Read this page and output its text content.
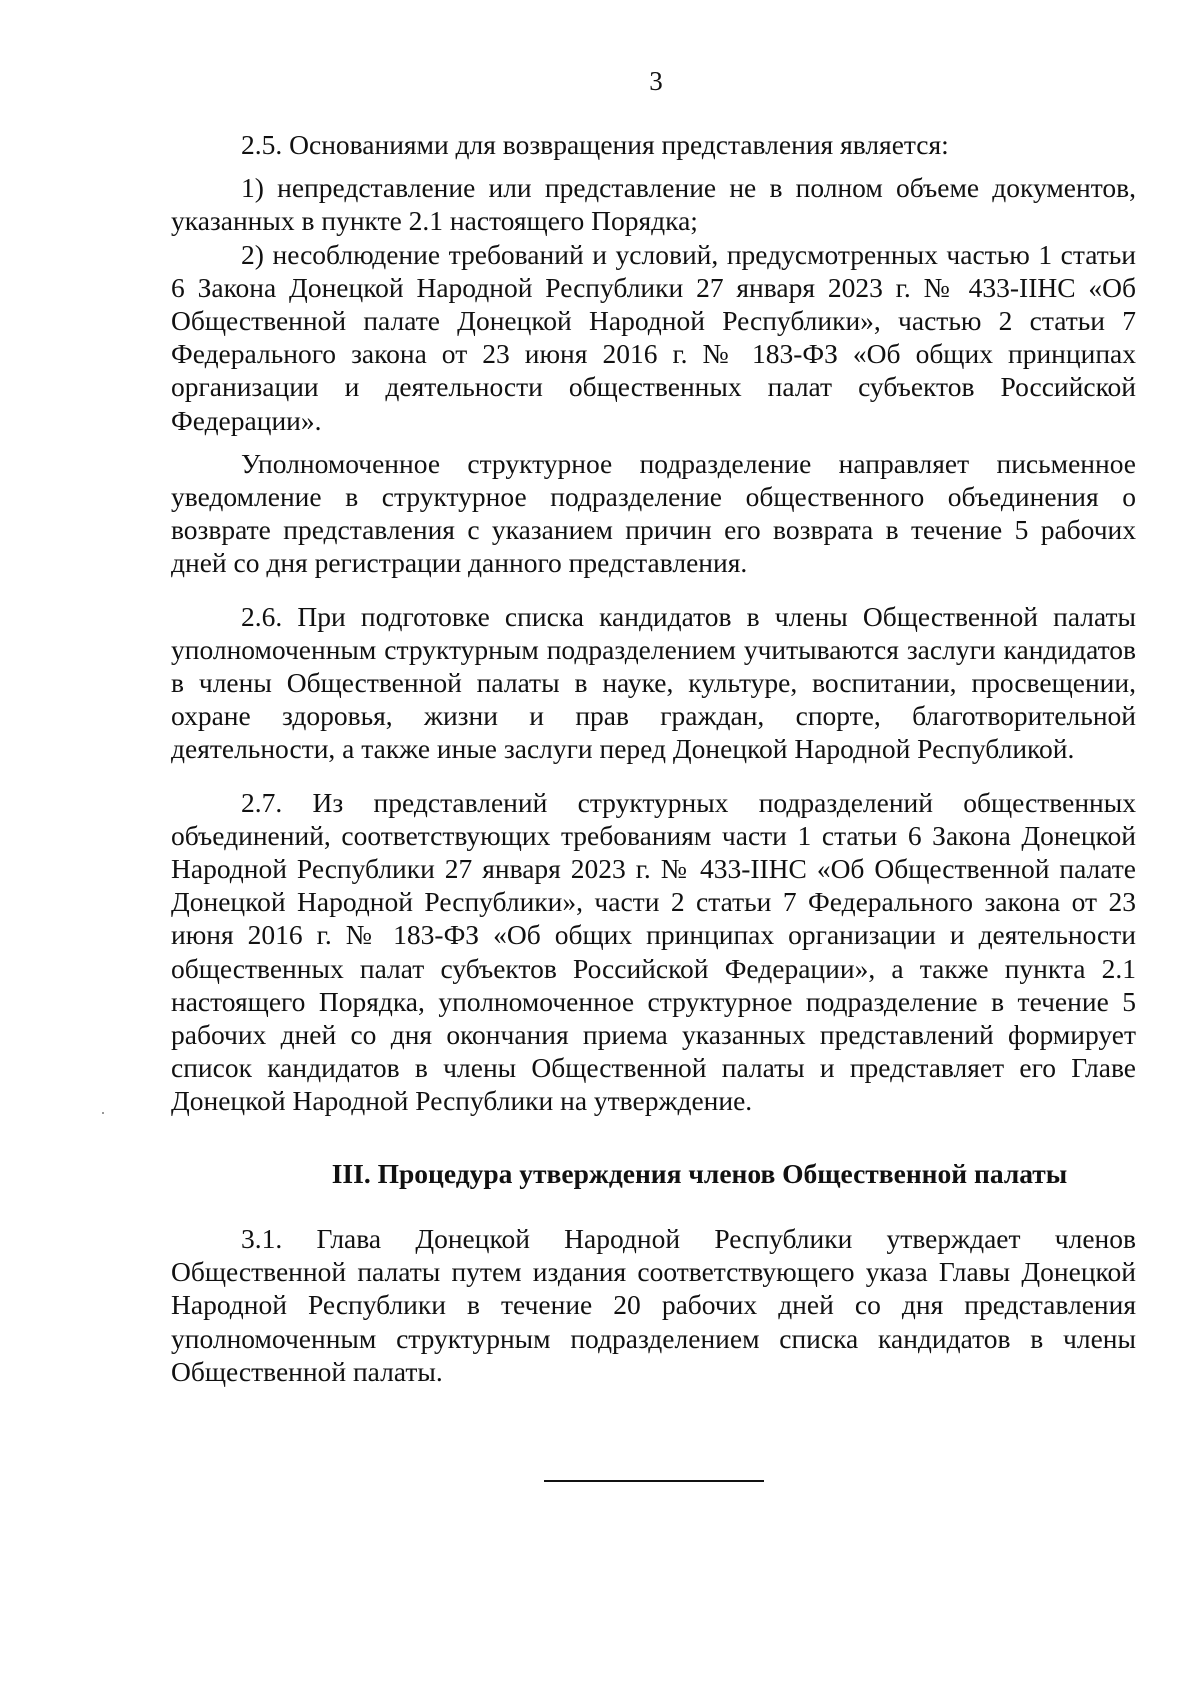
3

2.5. Основаниями для возвращения представления является:

1) непредставление или представление не в полном объеме документов, указанных в пункте 2.1 настоящего Порядка;

2) несоблюдение требований и условий, предусмотренных частью 1 статьи 6 Закона Донецкой Народной Республики 27 января 2023 г. № 433-IIНС «Об Общественной палате Донецкой Народной Республики», частью 2 статьи 7 Федерального закона от 23 июня 2016 г. № 183-ФЗ «Об общих принципах организации и деятельности общественных палат субъектов Российской Федерации».

Уполномоченное структурное подразделение направляет письменное уведомление в структурное подразделение общественного объединения о возврате представления с указанием причин его возврата в течение 5 рабочих дней со дня регистрации данного представления.

2.6. При подготовке списка кандидатов в члены Общественной палаты уполномоченным структурным подразделением учитываются заслуги кандидатов в члены Общественной палаты в науке, культуре, воспитании, просвещении, охране здоровья, жизни и прав граждан, спорте, благотворительной деятельности, а также иные заслуги перед Донецкой Народной Республикой.

2.7. Из представлений структурных подразделений общественных объединений, соответствующих требованиям части 1 статьи 6 Закона Донецкой Народной Республики 27 января 2023 г. № 433-IIНС «Об Общественной палате Донецкой Народной Республики», части 2 статьи 7 Федерального закона от 23 июня 2016 г. № 183-ФЗ «Об общих принципах организации и деятельности общественных палат субъектов Российской Федерации», а также пункта 2.1 настоящего Порядка, уполномоченное структурное подразделение в течение 5 рабочих дней со дня окончания приема указанных представлений формирует список кандидатов в члены Общественной палаты и представляет его Главе Донецкой Народной Республики на утверждение.

III. Процедура утверждения членов Общественной палаты

3.1. Глава Донецкой Народной Республики утверждает членов Общественной палаты путем издания соответствующего указа Главы Донецкой Народной Республики в течение 20 рабочих дней со дня представления уполномоченным структурным подразделением списка кандидатов в члены Общественной палаты.
